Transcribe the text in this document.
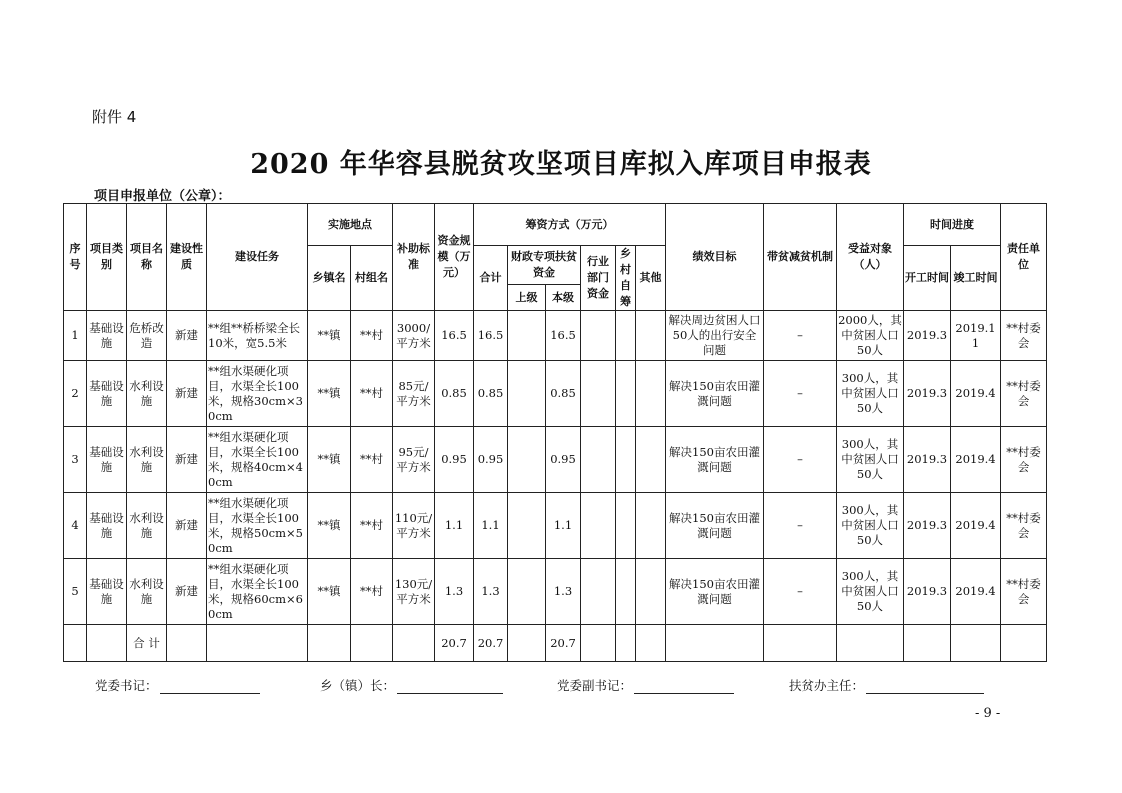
附件 4
2020 年华容县脱贫攻坚项目库拟入库项目申报表
项目申报单位（公章）：
序号	项目类别	项目名称	建设性质	建设任务	实施地点		补助标准	资金规模（万元）	筹资方式（万元）						绩效目标	带贫减贫机制	受益对象（人）	时间进度		责任单位
					乡镇名	村组名			合计	财政专项扶贫资金		行业部门资金	乡村自筹	其他				开工时间	竣工时间	
										上级	本级									
1	基础设施	危桥改造	新建	**组**桥桥梁全长10米，宽5.5米	**镇	**村	3000/平方米	16.5	16.5		16.5				解决周边贫困人口50人的出行安全问题	–	2000人，其中贫困人口50人	2019.3	2019.11	**村委会
2	基础设施	水利设施	新建	**组水渠硬化项目，水渠全长100米，规格30cm×30cm	**镇	**村	85元/平方米	0.85	0.85		0.85				解决150亩农田灌溉问题	–	300人，其中贫困人口50人	2019.3	2019.4	**村委会
3	基础设施	水利设施	新建	**组水渠硬化项目，水渠全长100米，规格40cm×40cm	**镇	**村	95元/平方米	0.95	0.95		0.95				解决150亩农田灌溉问题	–	300人，其中贫困人口50人	2019.3	2019.4	**村委会
4	基础设施	水利设施	新建	**组水渠硬化项目，水渠全长100米，规格50cm×50cm	**镇	**村	110元/平方米	1.1	1.1		1.1				解决150亩农田灌溉问题	–	300人，其中贫困人口50人	2019.3	2019.4	**村委会
5	基础设施	水利设施	新建	**组水渠硬化项目，水渠全长100米，规格60cm×60cm	**镇	**村	130元/平方米	1.3	1.3		1.3				解决150亩农田灌溉问题	–	300人，其中贫困人口50人	2019.3	2019.4	**村委会
		合 计						20.7	20.7		20.7									
党委书记：	乡（镇）长：	党委副书记：	扶贫办主任：
- 9 -
